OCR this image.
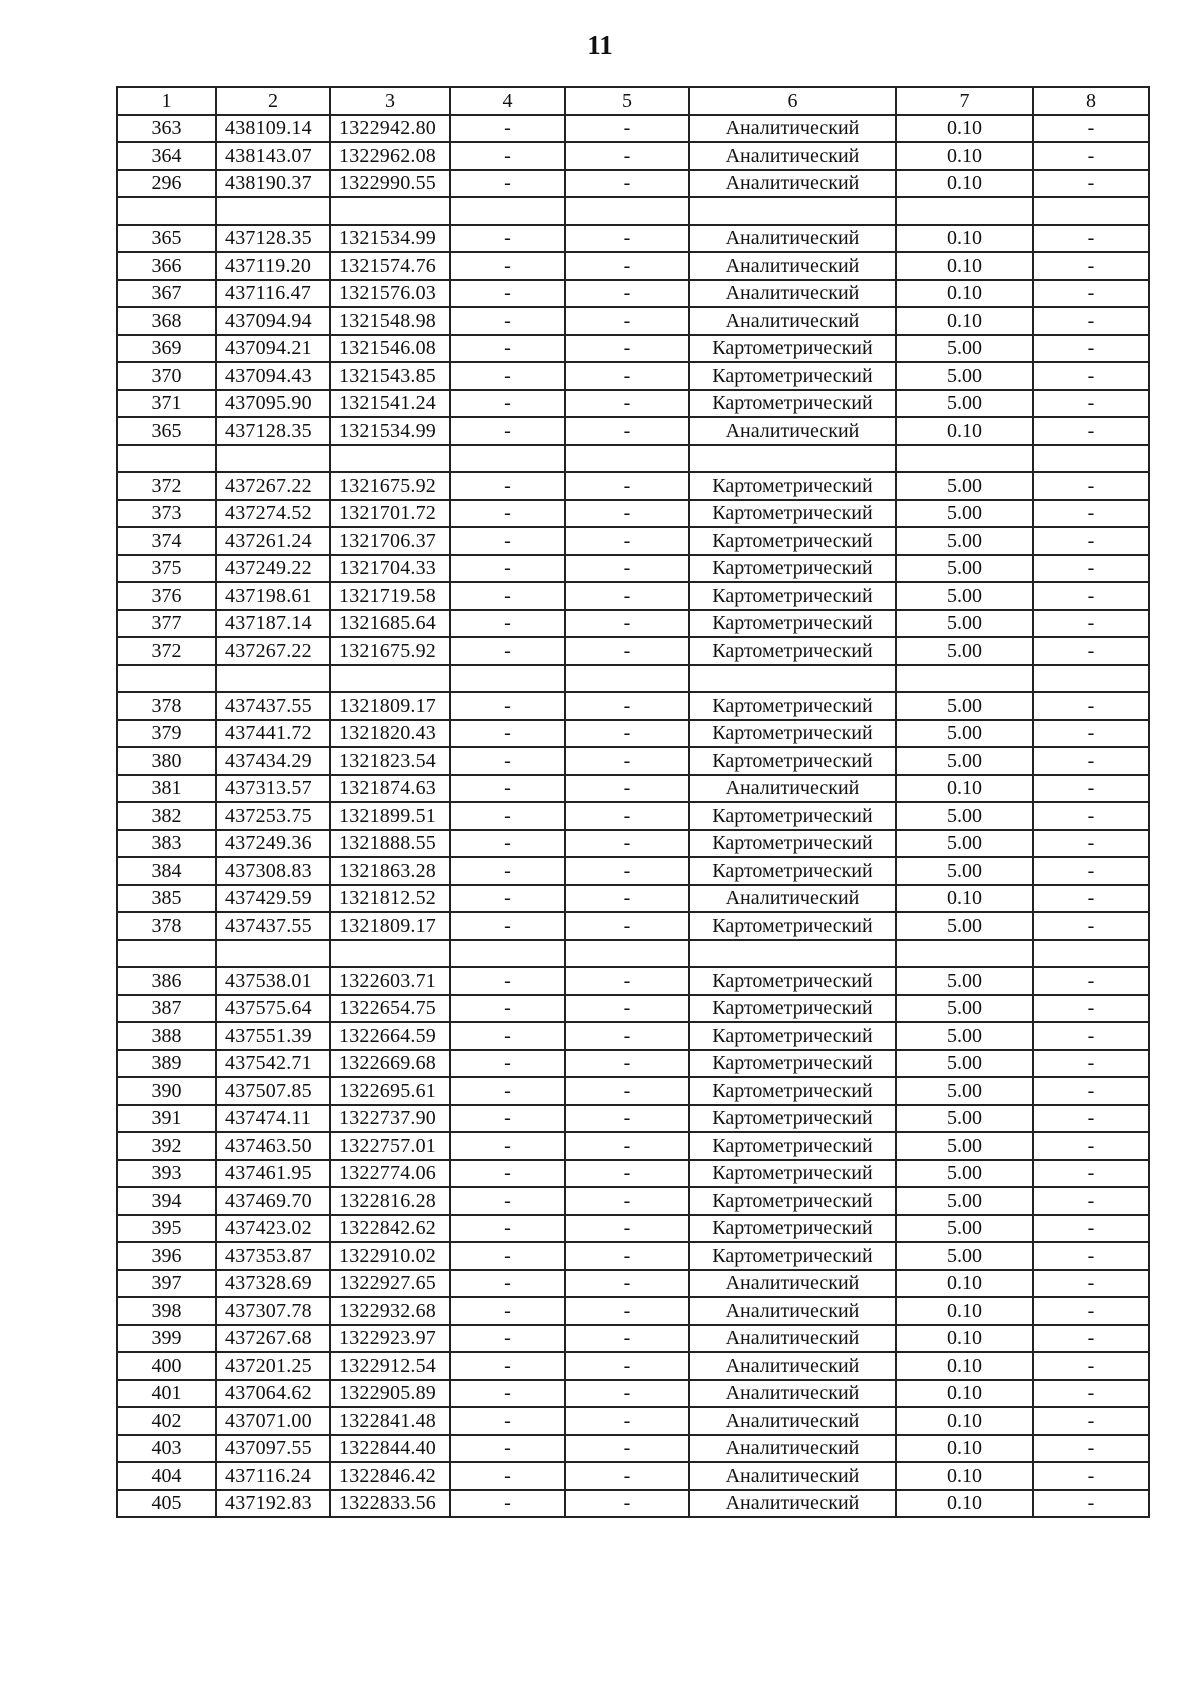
11
1	2	3	4	5	6	7	8
363	438109.14	1322942.80	-	-	Аналитический	0.10	-
364	438143.07	1322962.08	-	-	Аналитический	0.10	-
296	438190.37	1322990.55	-	-	Аналитический	0.10	-

365	437128.35	1321534.99	-	-	Аналитический	0.10	-
366	437119.20	1321574.76	-	-	Аналитический	0.10	-
367	437116.47	1321576.03	-	-	Аналитический	0.10	-
368	437094.94	1321548.98	-	-	Аналитический	0.10	-
369	437094.21	1321546.08	-	-	Картометрический	5.00	-
370	437094.43	1321543.85	-	-	Картометрический	5.00	-
371	437095.90	1321541.24	-	-	Картометрический	5.00	-
365	437128.35	1321534.99	-	-	Аналитический	0.10	-

372	437267.22	1321675.92	-	-	Картометрический	5.00	-
373	437274.52	1321701.72	-	-	Картометрический	5.00	-
374	437261.24	1321706.37	-	-	Картометрический	5.00	-
375	437249.22	1321704.33	-	-	Картометрический	5.00	-
376	437198.61	1321719.58	-	-	Картометрический	5.00	-
377	437187.14	1321685.64	-	-	Картометрический	5.00	-
372	437267.22	1321675.92	-	-	Картометрический	5.00	-

378	437437.55	1321809.17	-	-	Картометрический	5.00	-
379	437441.72	1321820.43	-	-	Картометрический	5.00	-
380	437434.29	1321823.54	-	-	Картометрический	5.00	-
381	437313.57	1321874.63	-	-	Аналитический	0.10	-
382	437253.75	1321899.51	-	-	Картометрический	5.00	-
383	437249.36	1321888.55	-	-	Картометрический	5.00	-
384	437308.83	1321863.28	-	-	Картометрический	5.00	-
385	437429.59	1321812.52	-	-	Аналитический	0.10	-
378	437437.55	1321809.17	-	-	Картометрический	5.00	-

386	437538.01	1322603.71	-	-	Картометрический	5.00	-
387	437575.64	1322654.75	-	-	Картометрический	5.00	-
388	437551.39	1322664.59	-	-	Картометрический	5.00	-
389	437542.71	1322669.68	-	-	Картометрический	5.00	-
390	437507.85	1322695.61	-	-	Картометрический	5.00	-
391	437474.11	1322737.90	-	-	Картометрический	5.00	-
392	437463.50	1322757.01	-	-	Картометрический	5.00	-
393	437461.95	1322774.06	-	-	Картометрический	5.00	-
394	437469.70	1322816.28	-	-	Картометрический	5.00	-
395	437423.02	1322842.62	-	-	Картометрический	5.00	-
396	437353.87	1322910.02	-	-	Картометрический	5.00	-
397	437328.69	1322927.65	-	-	Аналитический	0.10	-
398	437307.78	1322932.68	-	-	Аналитический	0.10	-
399	437267.68	1322923.97	-	-	Аналитический	0.10	-
400	437201.25	1322912.54	-	-	Аналитический	0.10	-
401	437064.62	1322905.89	-	-	Аналитический	0.10	-
402	437071.00	1322841.48	-	-	Аналитический	0.10	-
403	437097.55	1322844.40	-	-	Аналитический	0.10	-
404	437116.24	1322846.42	-	-	Аналитический	0.10	-
405	437192.83	1322833.56	-	-	Аналитический	0.10	-
